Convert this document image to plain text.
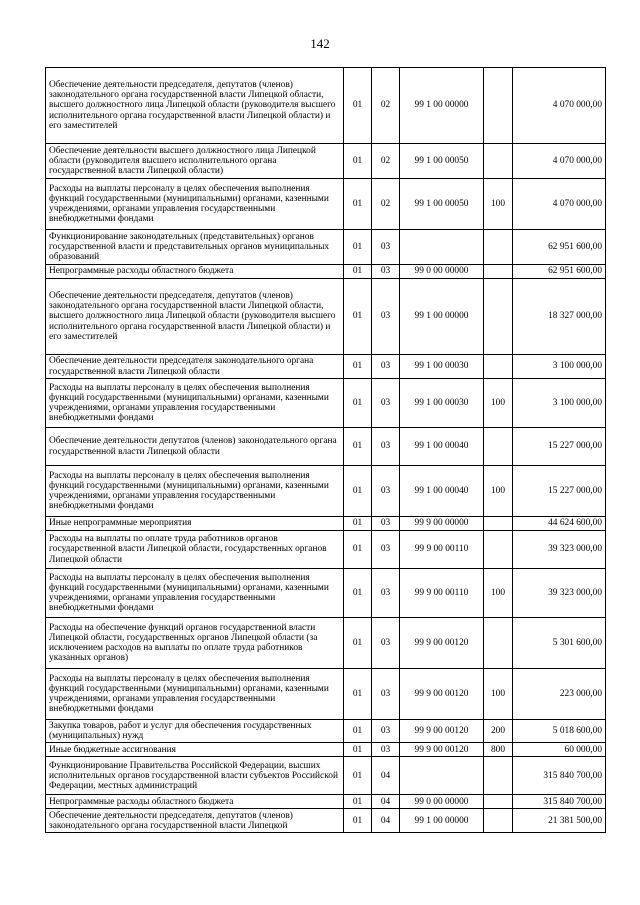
142
Обеспечение деятельности председателя, депутатов (членов) законодательного органа государственной власти Липецкой области, высшего должностного лица Липецкой области (руководителя высшего исполнительного органа государственной власти Липецкой области) и его заместителей	01	02	99 1 00 00000		4 070 000,00
Обеспечение деятельности высшего должностного лица Липецкой области (руководителя высшего исполнительного органа государственной власти Липецкой области)	01	02	99 1 00 00050		4 070 000,00
Расходы на выплаты персоналу в целях обеспечения выполнения функций государственными (муниципальными) органами, казенными учреждениями, органами управления государственными внебюджетными фондами	01	02	99 1 00 00050	100	4 070 000,00
Функционирование законодательных (представительных) органов государственной власти и представительных органов муниципальных образований	01	03			62 951 600,00
Непрограммные расходы областного бюджета	01	03	99 0 00 00000		62 951 600,00
Обеспечение деятельности председателя, депутатов (членов) законодательного органа государственной власти Липецкой области, высшего должностного лица Липецкой области (руководителя высшего исполнительного органа государственной власти Липецкой области) и его заместителей	01	03	99 1 00 00000		18 327 000,00
Обеспечение деятельности председателя законодательного органа государственной власти Липецкой области	01	03	99 1 00 00030		3 100 000,00
Расходы на выплаты персоналу в целях обеспечения выполнения функций государственными (муниципальными) органами, казенными учреждениями, органами управления государственными внебюджетными фондами	01	03	99 1 00 00030	100	3 100 000,00
Обеспечение деятельности депутатов (членов) законодательного органа государственной власти Липецкой области	01	03	99 1 00 00040		15 227 000,00
Расходы на выплаты персоналу в целях обеспечения выполнения функций государственными (муниципальными) органами, казенными учреждениями, органами управления государственными внебюджетными фондами	01	03	99 1 00 00040	100	15 227 000,00
Иные непрограммные мероприятия	01	03	99 9 00 00000		44 624 600,00
Расходы на выплаты по оплате труда работников органов государственной власти Липецкой области, государственных органов Липецкой области	01	03	99 9 00 00110		39 323 000,00
Расходы на выплаты персоналу в целях обеспечения выполнения функций государственными (муниципальными) органами, казенными учреждениями, органами управления государственными внебюджетными фондами	01	03	99 9 00 00110	100	39 323 000,00
Расходы на обеспечение функций органов государственной власти Липецкой области, государственных органов Липецкой области (за исключением расходов на выплаты по оплате труда работников указанных органов)	01	03	99 9 00 00120		5 301 600,00
Расходы на выплаты персоналу в целях обеспечения выполнения функций государственными (муниципальными) органами, казенными учреждениями, органами управления государственными внебюджетными фондами	01	03	99 9 00 00120	100	223 000,00
Закупка товаров, работ и услуг для обеспечения государственных (муниципальных) нужд	01	03	99 9 00 00120	200	5 018 600,00
Иные бюджетные ассигнования	01	03	99 9 00 00120	800	60 000,00
Функционирование Правительства Российской Федерации, высших исполнительных органов государственной власти субъектов Российской Федерации, местных администраций	01	04			315 840 700,00
Непрограммные расходы областного бюджета	01	04	99 0 00 00000		315 840 700,00
Обеспечение деятельности председателя, депутатов (членов) законодательного органа государственной власти Липецкой	01	04	99 1 00 00000		21 381 500,00
